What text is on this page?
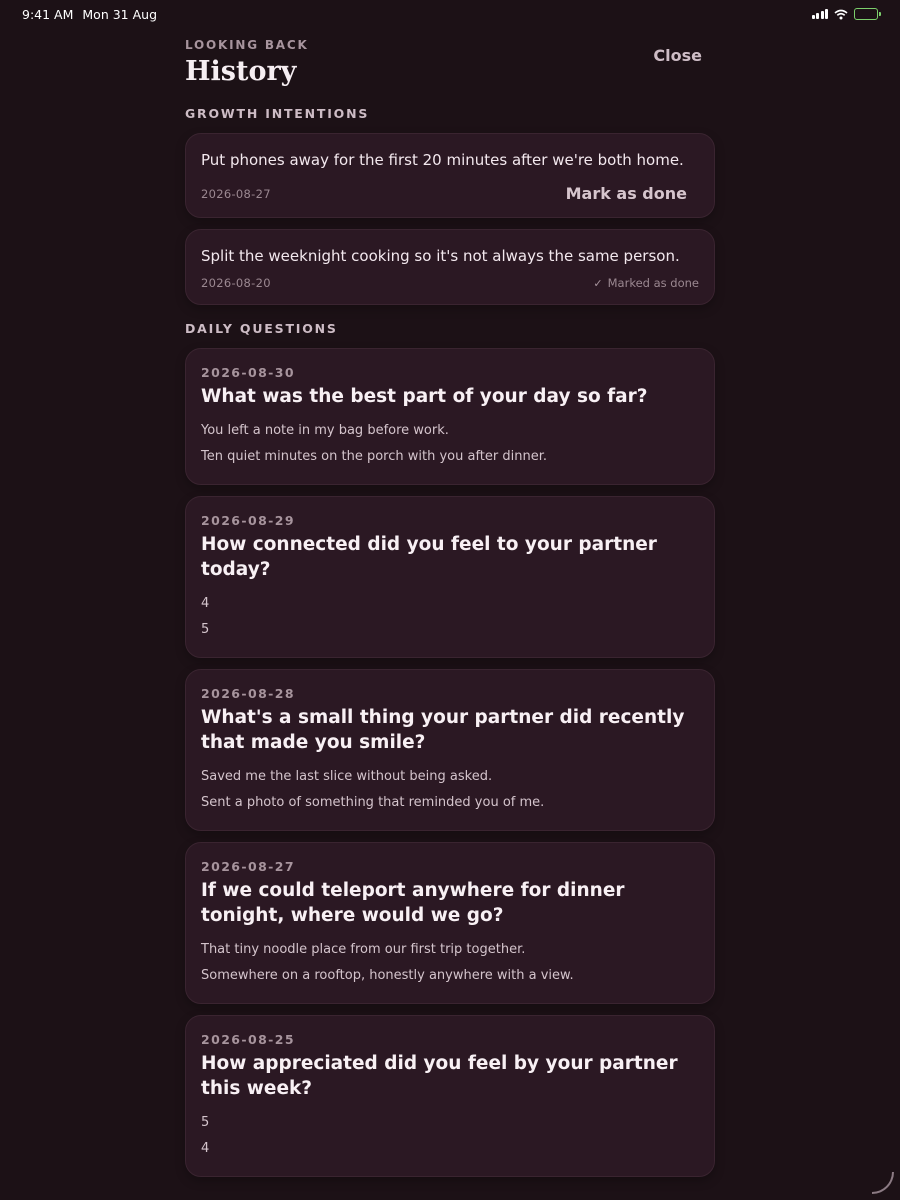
9:41 AM Mon 31 Aug
LOOKING BACK
History
Close
GROWTH INTENTIONS
Put phones away for the first 20 minutes after we're both home.
2026-08-27	Mark as done
Split the weeknight cooking so it's not always the same person.
2026-08-20	✓ Marked as done
DAILY QUESTIONS
2026-08-30
What was the best part of your day so far?
You left a note in my bag before work.
Ten quiet minutes on the porch with you after dinner.
2026-08-29
How connected did you feel to your partner today?
4
5
2026-08-28
What's a small thing your partner did recently that made you smile?
Saved me the last slice without being asked.
Sent a photo of something that reminded you of me.
2026-08-27
If we could teleport anywhere for dinner tonight, where would we go?
That tiny noodle place from our first trip together.
Somewhere on a rooftop, honestly anywhere with a view.
2026-08-25
How appreciated did you feel by your partner this week?
5
4
